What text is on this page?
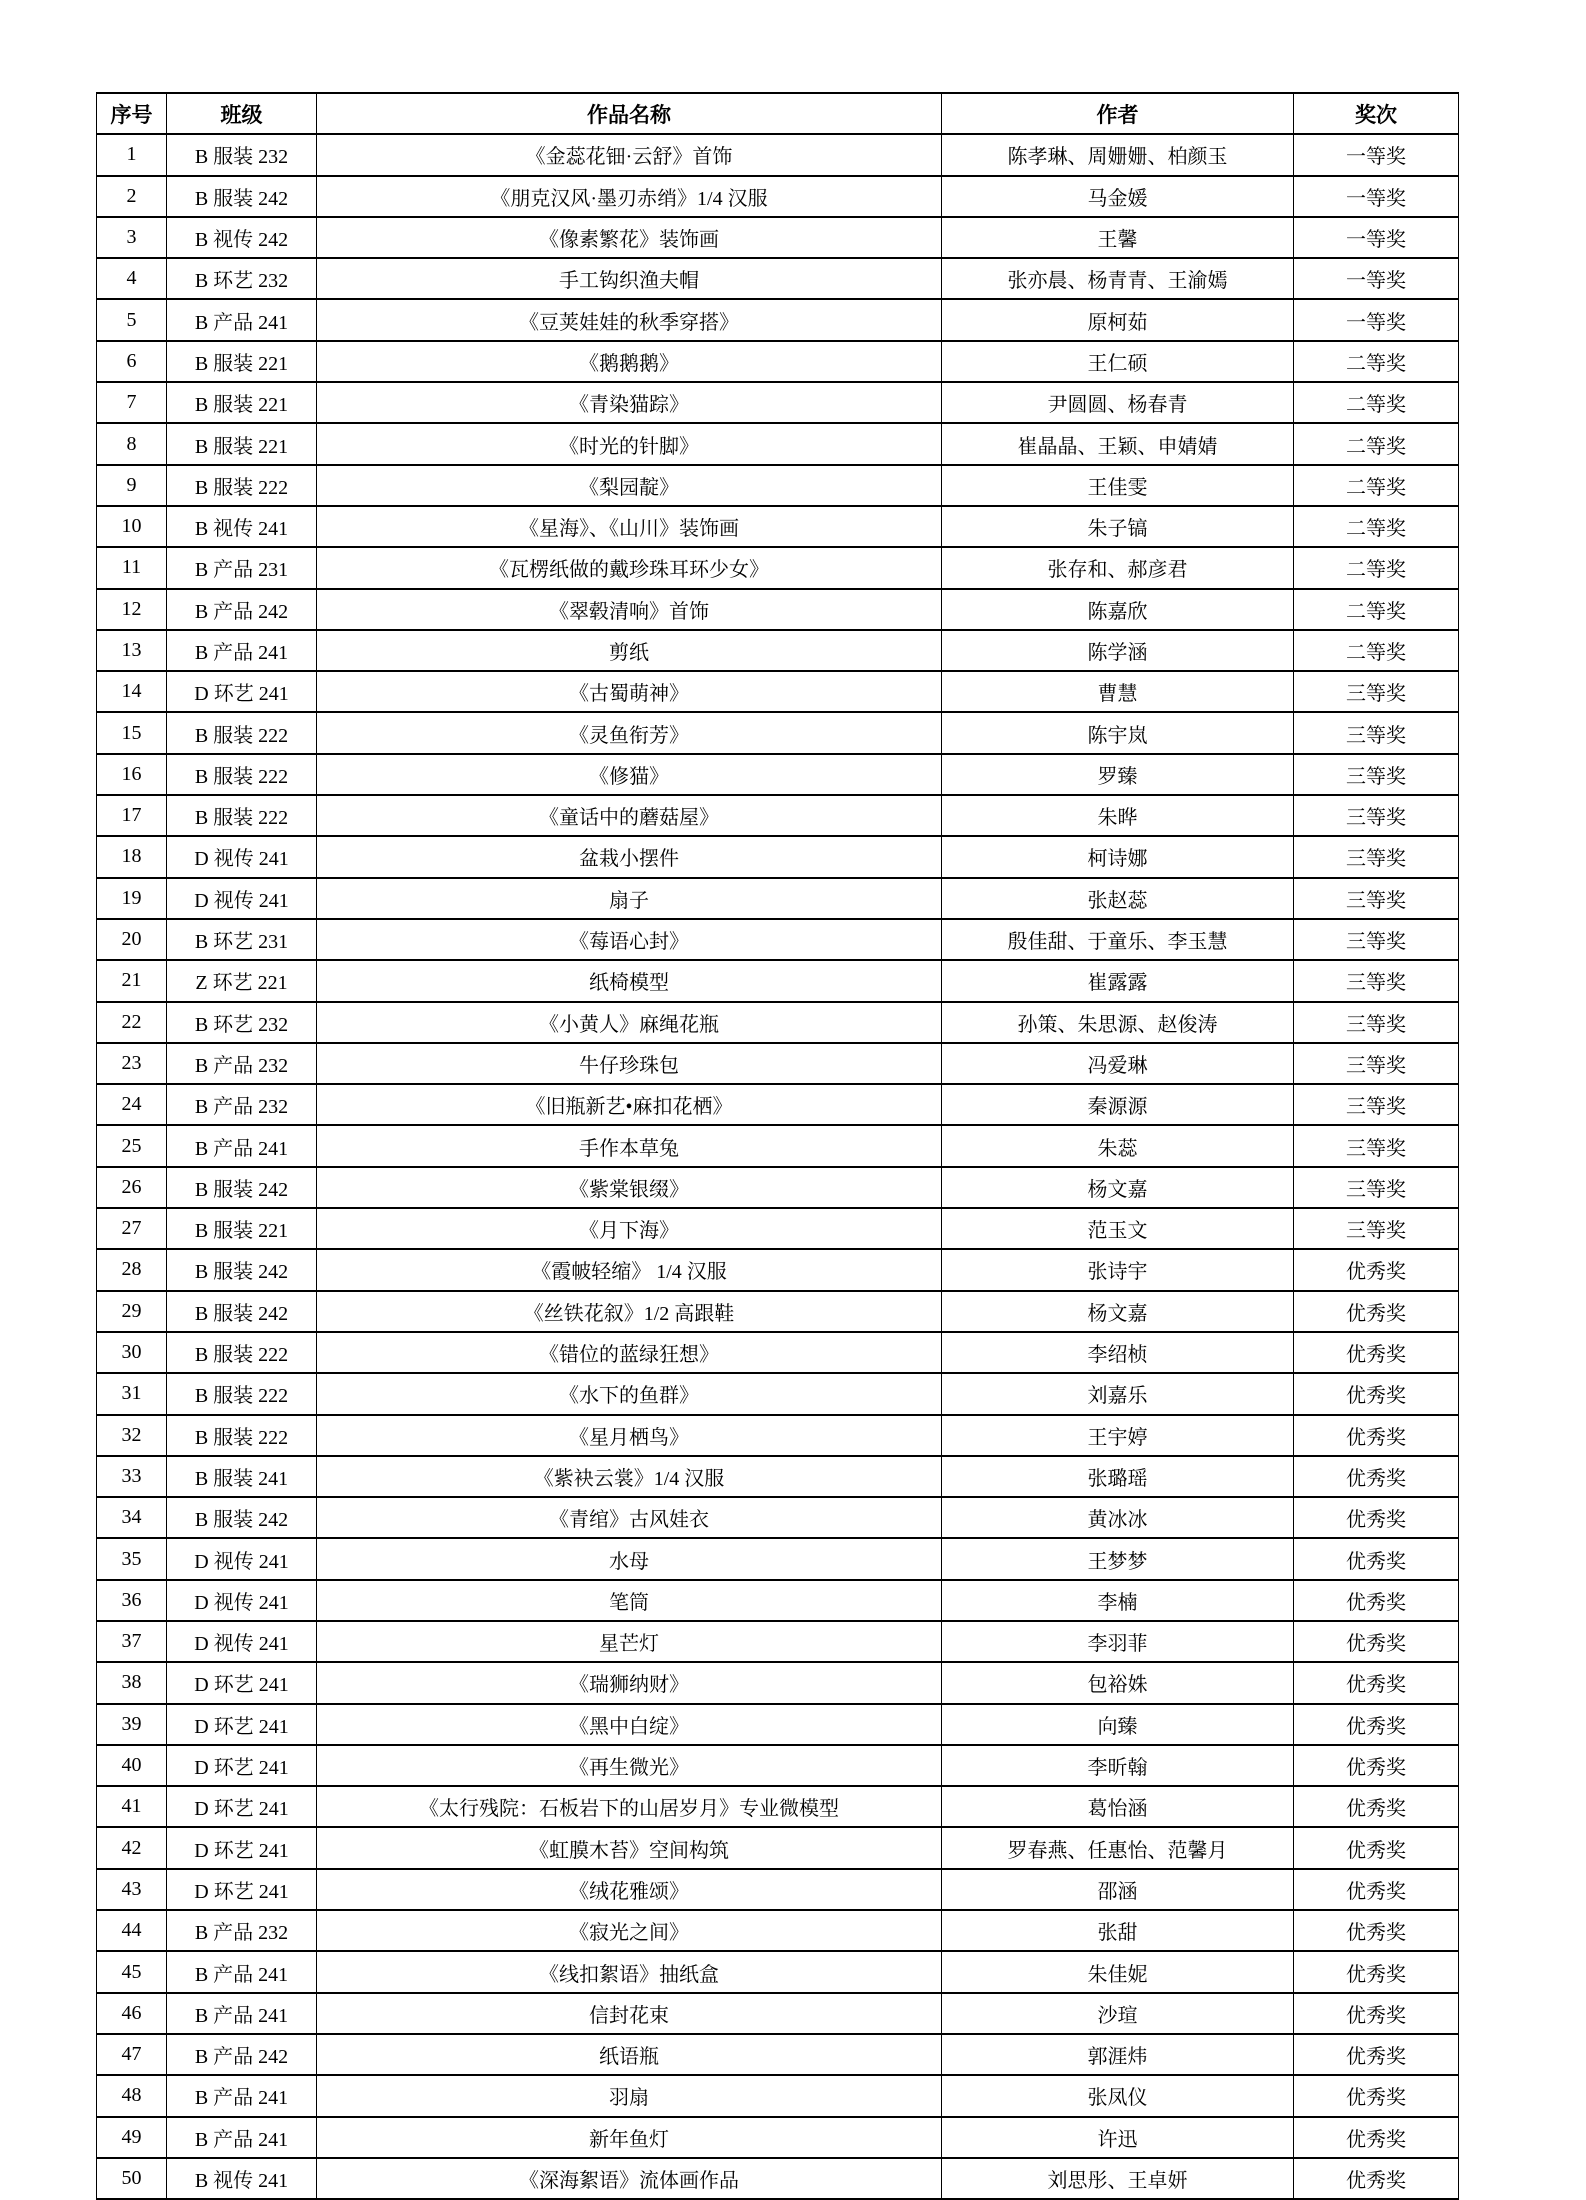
序号	班级	作品名称	作者	奖次
1	B 服装 232	《金蕊花钿·云舒》首饰	陈孝琳、周姗姗、柏颜玉	一等奖
2	B 服装 242	《朋克汉风·墨刃赤绡》1/4 汉服	马金媛	一等奖
3	B 视传 242	《像素繁花》装饰画	王馨	一等奖
4	B 环艺 232	手工钩织渔夫帽	张亦晨、杨青青、王渝嫣	一等奖
5	B 产品 241	《豆荚娃娃的秋季穿搭》	原柯茹	一等奖
6	B 服装 221	《鹅鹅鹅》	王仁硕	二等奖
7	B 服装 221	《青染猫踪》	尹圆圆、杨春青	二等奖
8	B 服装 221	《时光的针脚》	崔晶晶、王颖、申婧婧	二等奖
9	B 服装 222	《梨园靛》	王佳雯	二等奖
10	B 视传 241	《星海》、《山川》装饰画	朱子镐	二等奖
11	B 产品 231	《瓦楞纸做的戴珍珠耳环少女》	张存和、郝彦君	二等奖
12	B 产品 242	《翠毂清响》首饰	陈嘉欣	二等奖
13	B 产品 241	剪纸	陈学涵	二等奖
14	D 环艺 241	《古蜀萌神》	曹慧	三等奖
15	B 服装 222	《灵鱼衔芳》	陈宇岚	三等奖
16	B 服装 222	《修猫》	罗臻	三等奖
17	B 服装 222	《童话中的蘑菇屋》	朱晔	三等奖
18	D 视传 241	盆栽小摆件	柯诗娜	三等奖
19	D 视传 241	扇子	张赵蕊	三等奖
20	B 环艺 231	《莓语心封》	殷佳甜、于童乐、李玉慧	三等奖
21	Z 环艺 221	纸椅模型	崔露露	三等奖
22	B 环艺 232	《小黄人》麻绳花瓶	孙策、朱思源、赵俊涛	三等奖
23	B 产品 232	牛仔珍珠包	冯爱琳	三等奖
24	B 产品 232	《旧瓶新艺•麻扣花栖》	秦源源	三等奖
25	B 产品 241	手作本草兔	朱蕊	三等奖
26	B 服装 242	《紫棠银缀》	杨文嘉	三等奖
27	B 服装 221	《月下海》	范玉文	三等奖
28	B 服装 242	《霞帔轻缩》 1/4 汉服	张诗宇	优秀奖
29	B 服装 242	《丝铁花叙》1/2 高跟鞋	杨文嘉	优秀奖
30	B 服装 222	《错位的蓝绿狂想》	李绍桢	优秀奖
31	B 服装 222	《水下的鱼群》	刘嘉乐	优秀奖
32	B 服装 222	《星月栖鸟》	王宇婷	优秀奖
33	B 服装 241	《紫袂云裳》1/4 汉服	张璐瑶	优秀奖
34	B 服装 242	《青绾》古风娃衣	黄冰冰	优秀奖
35	D 视传 241	水母	王梦梦	优秀奖
36	D 视传 241	笔筒	李楠	优秀奖
37	D 视传 241	星芒灯	李羽菲	优秀奖
38	D 环艺 241	《瑞狮纳财》	包裕姝	优秀奖
39	D 环艺 241	《黑中白绽》	向臻	优秀奖
40	D 环艺 241	《再生微光》	李昕翰	优秀奖
41	D 环艺 241	《太行残院：石板岩下的山居岁月》专业微模型	葛怡涵	优秀奖
42	D 环艺 241	《虹膜木苔》空间构筑	罗春燕、任惠怡、范馨月	优秀奖
43	D 环艺 241	《绒花雅颂》	邵涵	优秀奖
44	B 产品 232	《寂光之间》	张甜	优秀奖
45	B 产品 241	《线扣絮语》抽纸盒	朱佳妮	优秀奖
46	B 产品 241	信封花束	沙瑄	优秀奖
47	B 产品 242	纸语瓶	郭涯炜	优秀奖
48	B 产品 241	羽扇	张凤仪	优秀奖
49	B 产品 241	新年鱼灯	许迅	优秀奖
50	B 视传 241	《深海絮语》流体画作品	刘思彤、王卓妍	优秀奖
